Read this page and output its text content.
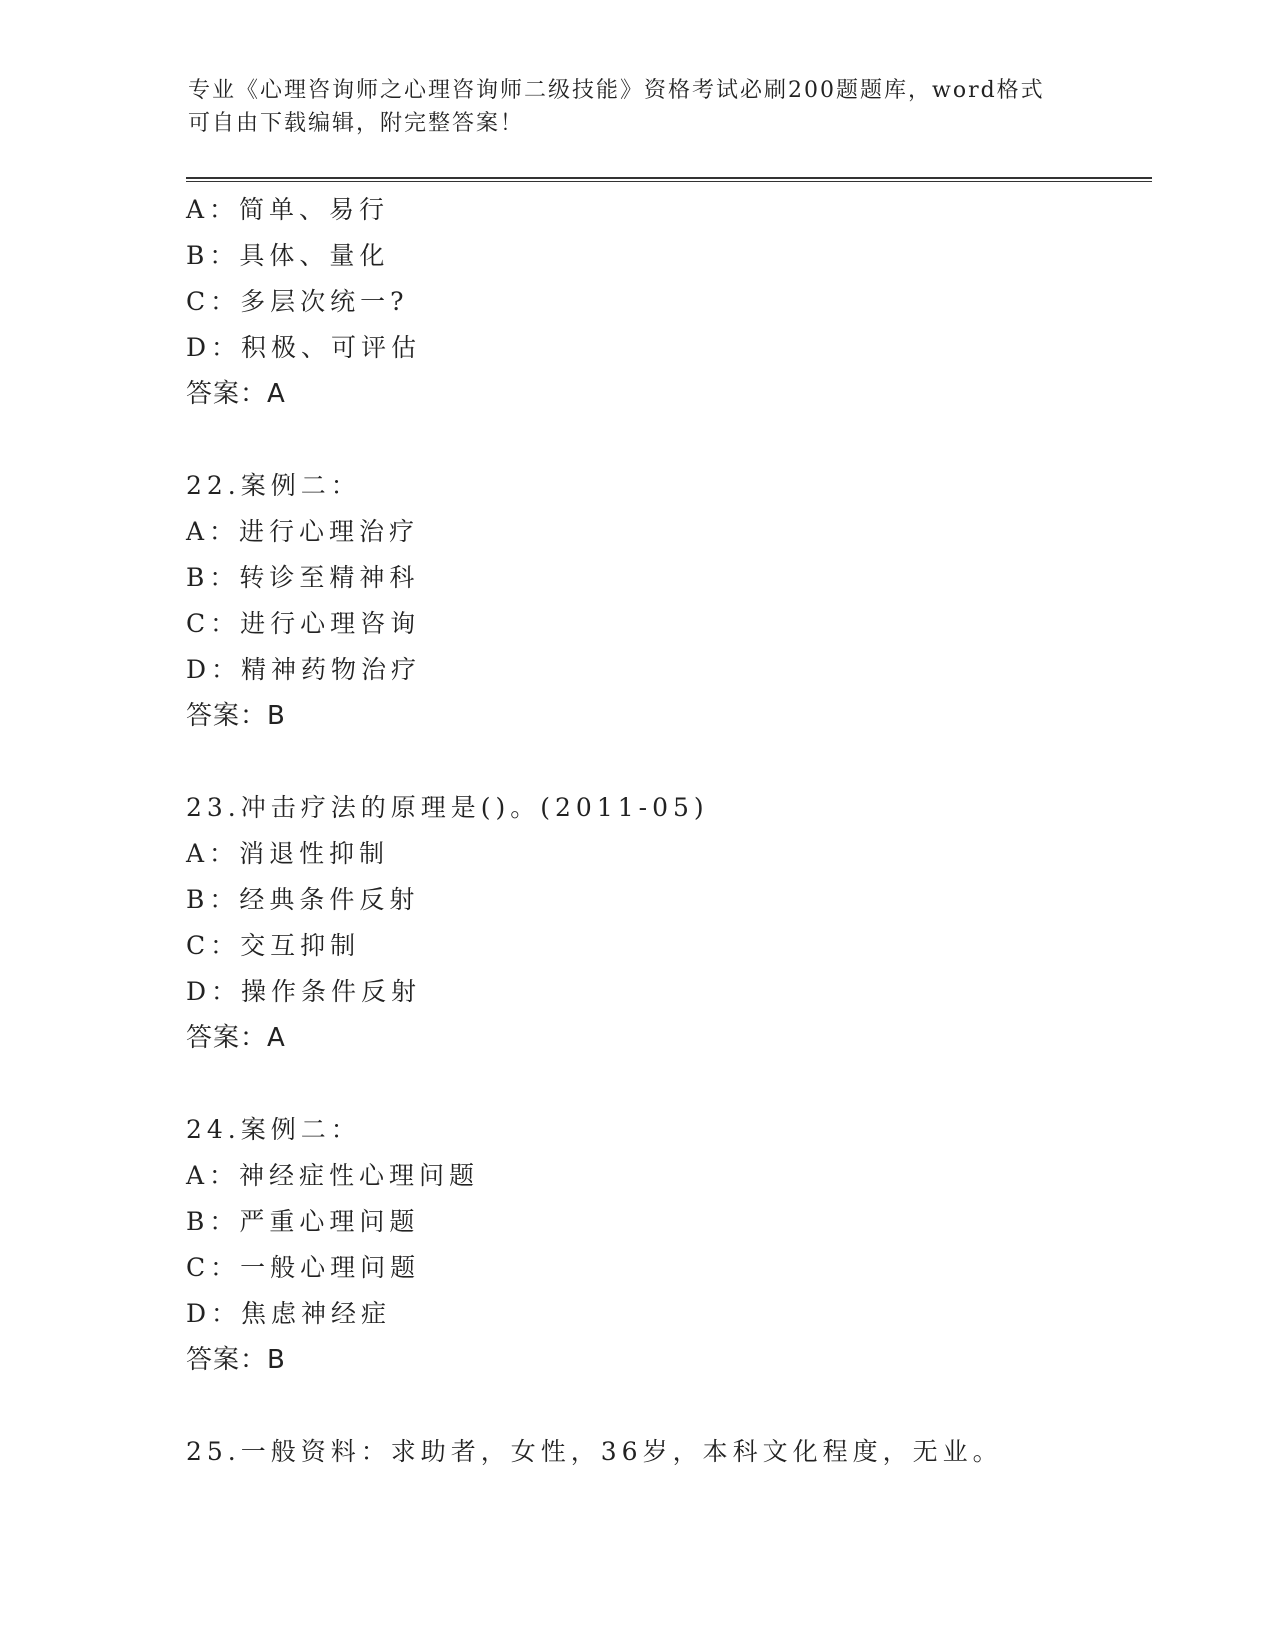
专业《心理咨询师之心理咨询师二级技能》资格考试必刷200题题库，word格式
可自由下载编辑，附完整答案！
A：简单、易行
B：具体、量化
C：多层次统一?
D：积极、可评估
答案：A
22.案例二：
A：进行心理治疗
B：转诊至精神科
C：进行心理咨询
D：精神药物治疗
答案：B
23.冲击疗法的原理是()。(2011-05)
A：消退性抑制
B：经典条件反射
C：交互抑制
D：操作条件反射
答案：A
24.案例二：
A：神经症性心理问题
B：严重心理问题
C：一般心理问题
D：焦虑神经症
答案：B
25.一般资料：求助者，女性，36岁，本科文化程度，无业。
